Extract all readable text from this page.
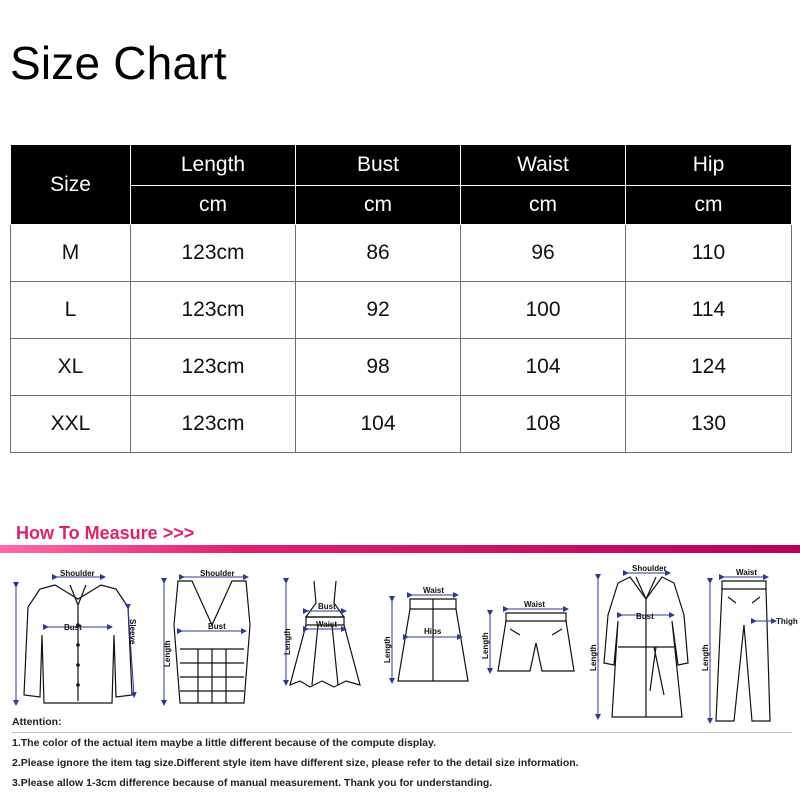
Size Chart
Size	Length	Bust	Waist	Hip
	cm	cm	cm	cm
M	123cm	86	96	110
L	123cm	92	100	114
XL	123cm	98	104	124
XXL	123cm	104	108	130
How To Measure >>>
Shoulder
Bust	Sleeve
Shoulder
Bust
Length
Bust
Waist
Length
Waist
Hips
Length
Waist
Length
Shoulder
Bust
Length
Waist
Thigh
Length
Attention:
1.The color of the actual item maybe a little different because of the compute display.
2.Please ignore the item tag size.Different style item have different size, please refer to the detail size information.
3.Please allow 1-3cm difference because of manual measurement. Thank you for understanding.
